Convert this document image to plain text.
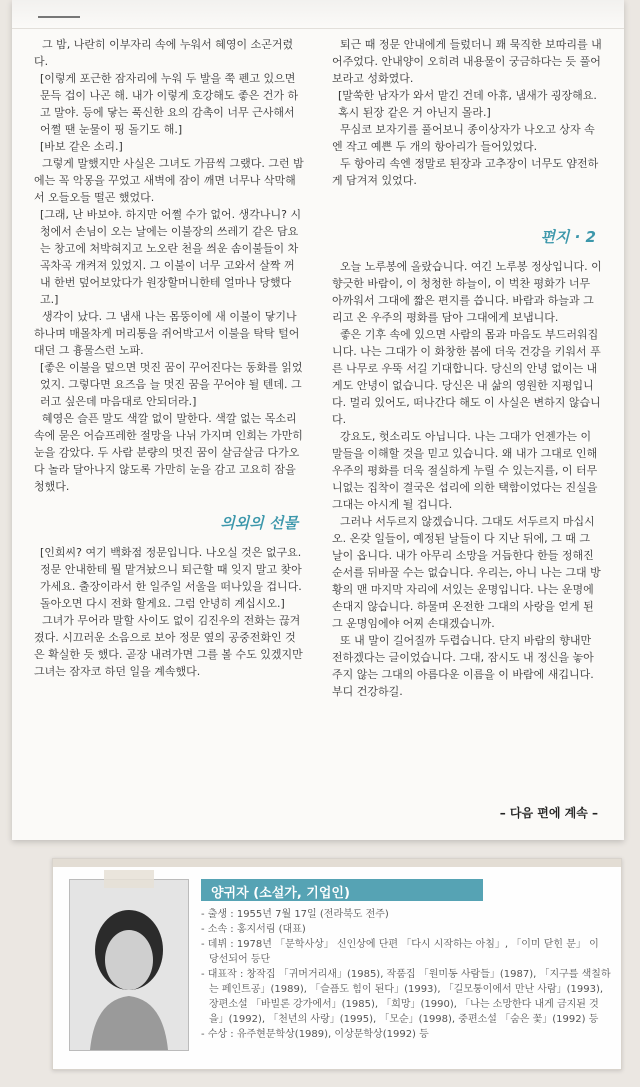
그 밤, 나란히 이부자리 속에 누워서 혜영이 소곤거렸다.

[이렇게 포근한 잠자리에 누워 두 발을 쭉 펜고 있으면 문득 겁이 나곤 해. 내가 이렇게 호강해도 좋은 건가 하고 말야. 등에 닿는 푹신한 요의 감촉이 너무 근사해서 어쩔 땐 눈물이 핑 돌기도 해.]

[바보 같은 소리.]

그렇게 말했지만 사실은 그녀도 가끔씩 그랬다. 그런 밤에는 꼭 악몽을 꾸었고 새벽에 잠이 깨면 너무나 삭막해서 오들오들 떨곤 했었다.

[그래, 난 바보야. 하지만 어쩔 수가 없어. 생각나니? 시청에서 손님이 오는 날에는 이불장의 쓰레기 같은 담요는 창고에 처박혀지고 노오란 천을 씌운 솜이불들이 차곡차곡 개켜져 있었지. 그 이불이 너무 고와서 살짝 꺼내 한번 덮어보았다가 원장할머니한테 얼마나 당했다고.]

생각이 났다. 그 냄새 나는 몸뚱이에 새 이불이 닿기나 하나며 매몰차게 머리통을 쥐어박고서 이불을 탁탁 털어대던 그 흉물스런 노파.

[좋은 이불을 덮으면 멋진 꿈이 꾸어진다는 동화를 읽었었지. 그렇다면 요즈음 늘 멋진 꿈을 꾸어야 될 텐데. 그러고 싶은데 마음대로 안되더라.]

혜영은 슬픈 말도 색깔 없이 말한다. 색깔 없는 목소리 속에 묻은 어슴프레한 절망을 나뉘 가지며 인희는 가만히 눈을 감았다. 두 사람 분량의 멋진 꿈이 살금살금 다가오다 놀라 달아나지 않도록 가만히 눈을 감고 고요히 잠을 청했다.

의외의 선물

[인희씨? 여기 백화점 정문입니다. 나오실 것은 없구요. 정문 안내한테 뭘 맡겨놨으니 퇴근할 때 잊지 말고 찾아가세요. 출장이라서 한 일주일 서울을 떠나있을 겁니다. 돌아오면 다시 전화 할게요. 그럼 안녕히 계십시오.]

그녀가 무어라 말할 사이도 없이 김진우의 전화는 끊겨졌다. 시끄러운 소음으로 보아 정문 옆의 공중전화인 것은 확실한 듯 했다. 곧장 내려가면 그를 볼 수도 있겠지만 그녀는 잠자코 하던 일을 계속했다.

퇴근 때 정문 안내에게 들렀더니 꽤 묵직한 보따리를 내어주었다. 안내양이 오히려 내용물이 궁금하다는 듯 풀어보라고 성화였다.

[말쑥한 남자가 와서 맡긴 건데 아휴, 냄새가 굉장해요. 혹시 된장 같은 거 아닌지 몰라.]

무심코 보자기를 풀어보니 종이상자가 나오고 상자 속엔 작고 예쁜 두 개의 항아리가 들어있었다.

두 항아리 속엔 정말로 된장과 고추장이 너무도 얌전하게 담겨져 있었다.

편지 · 2

오늘 노루봉에 올랐습니다. 여긴 노루봉 정상입니다. 이 향긋한 바람이, 이 청청한 하늘이, 이 벅찬 평화가 너무 아까워서 그대에 짧은 편지를 씁니다. 바람과 하늘과 그리고 온 우주의 평화를 담아 그대에게 보냅니다.

좋은 기후 속에 있으면 사람의 몸과 마음도 부드러워집니다. 나는 그대가 이 화창한 봄에 더욱 건강을 키워서 푸른 나무로 우뚝 서길 기대합니다. 당신의 안녕 없이는 내게도 안녕이 없습니다. 당신은 내 삶의 영원한 지평입니다. 멀리 있어도, 떠나간다 해도 이 사실은 변하지 않습니다.

강요도, 헛소리도 아닙니다. 나는 그대가 언젠가는 이 말들을 이해할 것을 믿고 있습니다. 왜 내가 그대로 인해 우주의 평화를 더욱 절실하게 누릴 수 있는지를, 이 터무니없는 집착이 결국은 섭리에 의한 택함이었다는 진실을 그대는 아시게 될 겁니다.

그러나 서두르지 않겠습니다. 그대도 서두르지 마십시오. 온갖 일들이, 예정된 날들이 다 지난 뒤에, 그 때 그 날이 옵니다. 내가 아무리 소망을 거듭한다 한들 정해진 순서를 뒤바꿀 수는 없습니다. 우리는, 아니 나는 그대 방황의 맨 마지막 자리에 서있는 운명입니다. 나는 운명에 손대지 않습니다. 하물며 온전한 그대의 사랑을 얻게 된 그 운명임에야 어찌 손대겠습니까.

또 내 말이 길어질까 두렵습니다. 단지 바람의 향내만 전하겠다는 글이었습니다. 그대, 잠시도 내 정신을 놓아주지 않는 그대의 아름다운 이름을 이 바람에 새깁니다. 부디 건강하길.

– 다음 편에 계속 –
양귀자 (소설가, 기업인)
- 출생 : 1955년 7월 17일 (전라북도 전주)
- 소속 : 홍지서림 (대표)
- 데뷔 : 1978년 「문학사상」 신인상에 단편 「다시 시작하는 아침」, 「이미 닫힌 문」 이 당선되어 등단
- 대표작 : 창작집 「귀머거리새」(1985), 작품집 「원미동 사람들」(1987), 「지구를 색칠하는 페인트공」(1989), 「슬픔도 힘이 된다」(1993), 「길모퉁이에서 만난 사람」(1993), 장편소설 「바빌론 강가에서」(1985), 「희망」(1990), 「나는 소망한다 내게 금지된 것을」(1992), 「천년의 사랑」(1995), 「모순」(1998), 중편소설 「숨은 꽃」(1992) 등
- 수상 : 유주현문학상(1989), 이상문학상(1992) 등
